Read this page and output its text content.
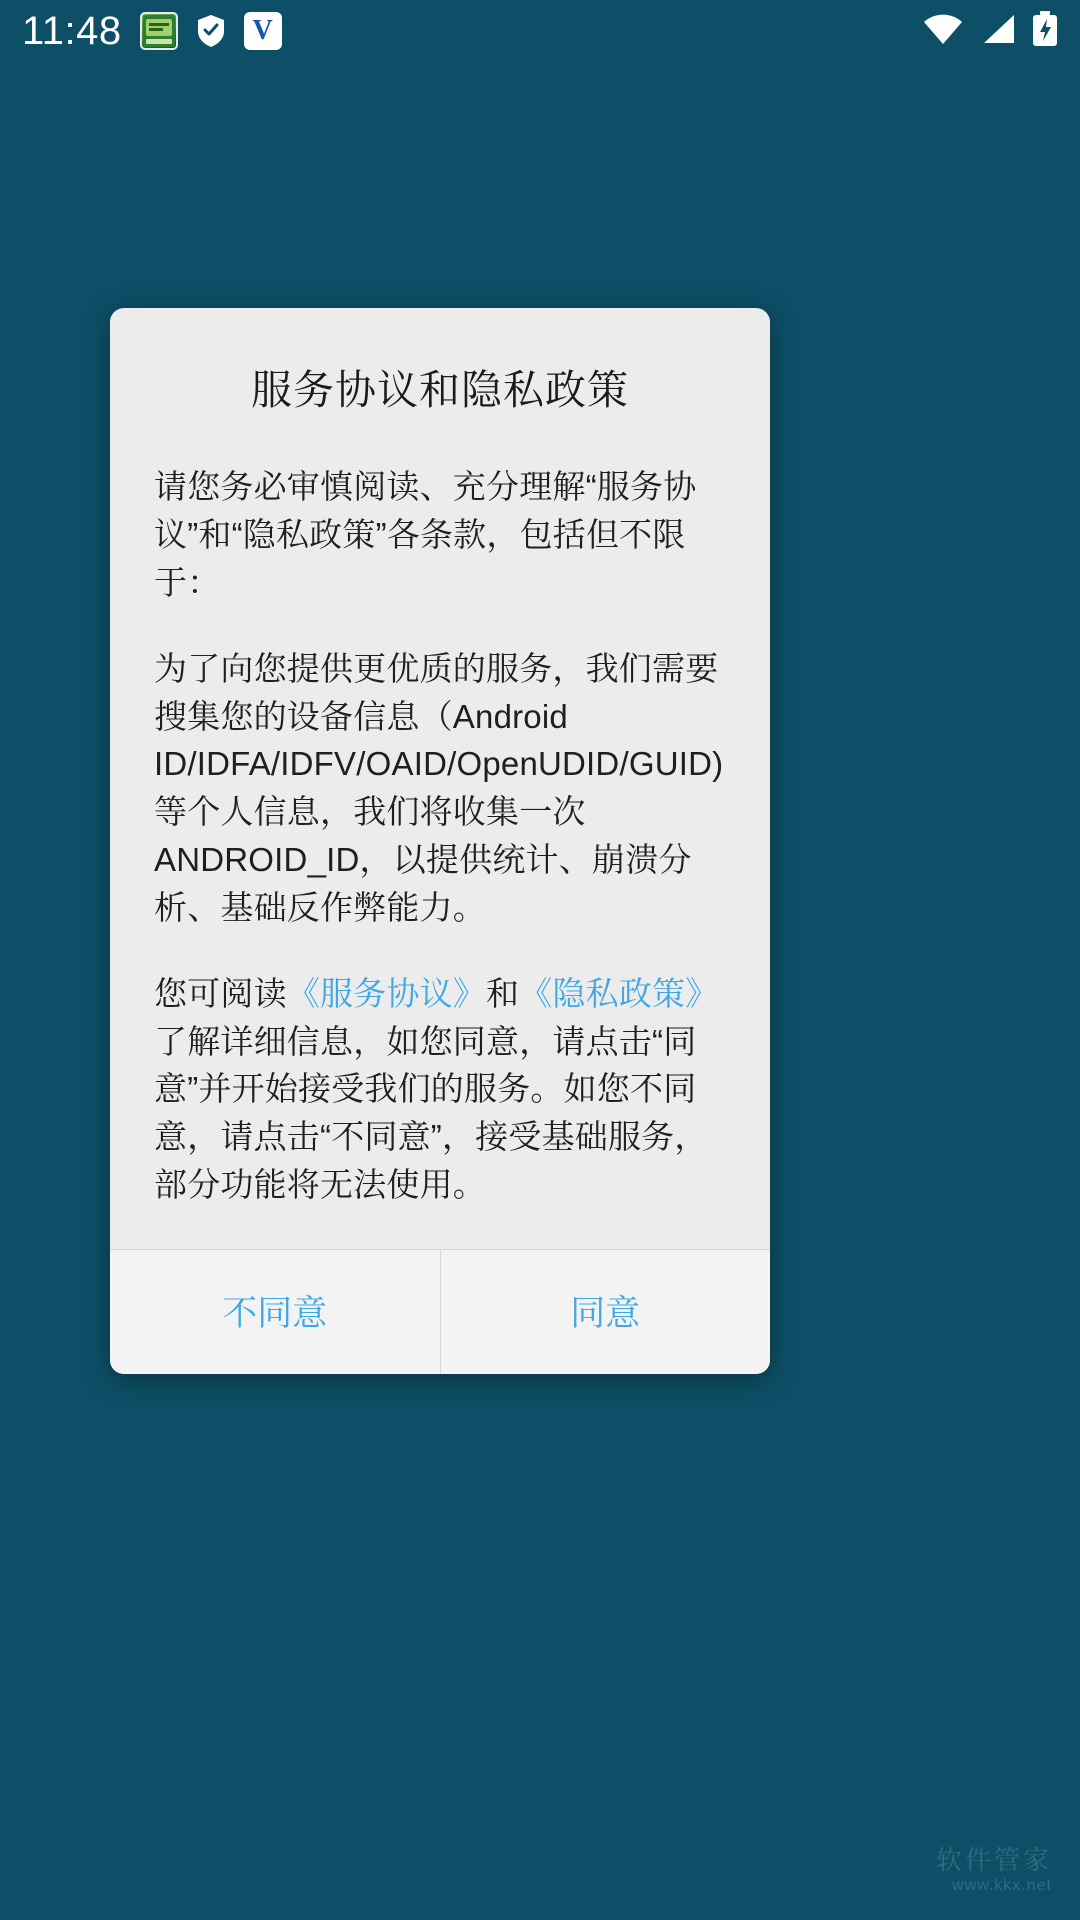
11:48	V
服务协议和隐私政策

请您务必审慎阅读、充分理解“服务协议”和“隐私政策”各条款，包括但不限于：

为了向您提供更优质的服务，我们需要搜集您的设备信息（Android ID/IDFA/IDFV/OAID/OpenUDID/GUID)等个人信息，我们将收集一次ANDROID_ID，以提供统计、崩溃分析、基础反作弊能力。

您可阅读《服务协议》和《隐私政策》了解详细信息，如您同意，请点击“同意”并开始接受我们的服务。如您不同意，请点击“不同意”，接受基础服务，部分功能将无法使用。

不同意	同意
软件管家
www.kkx.net
